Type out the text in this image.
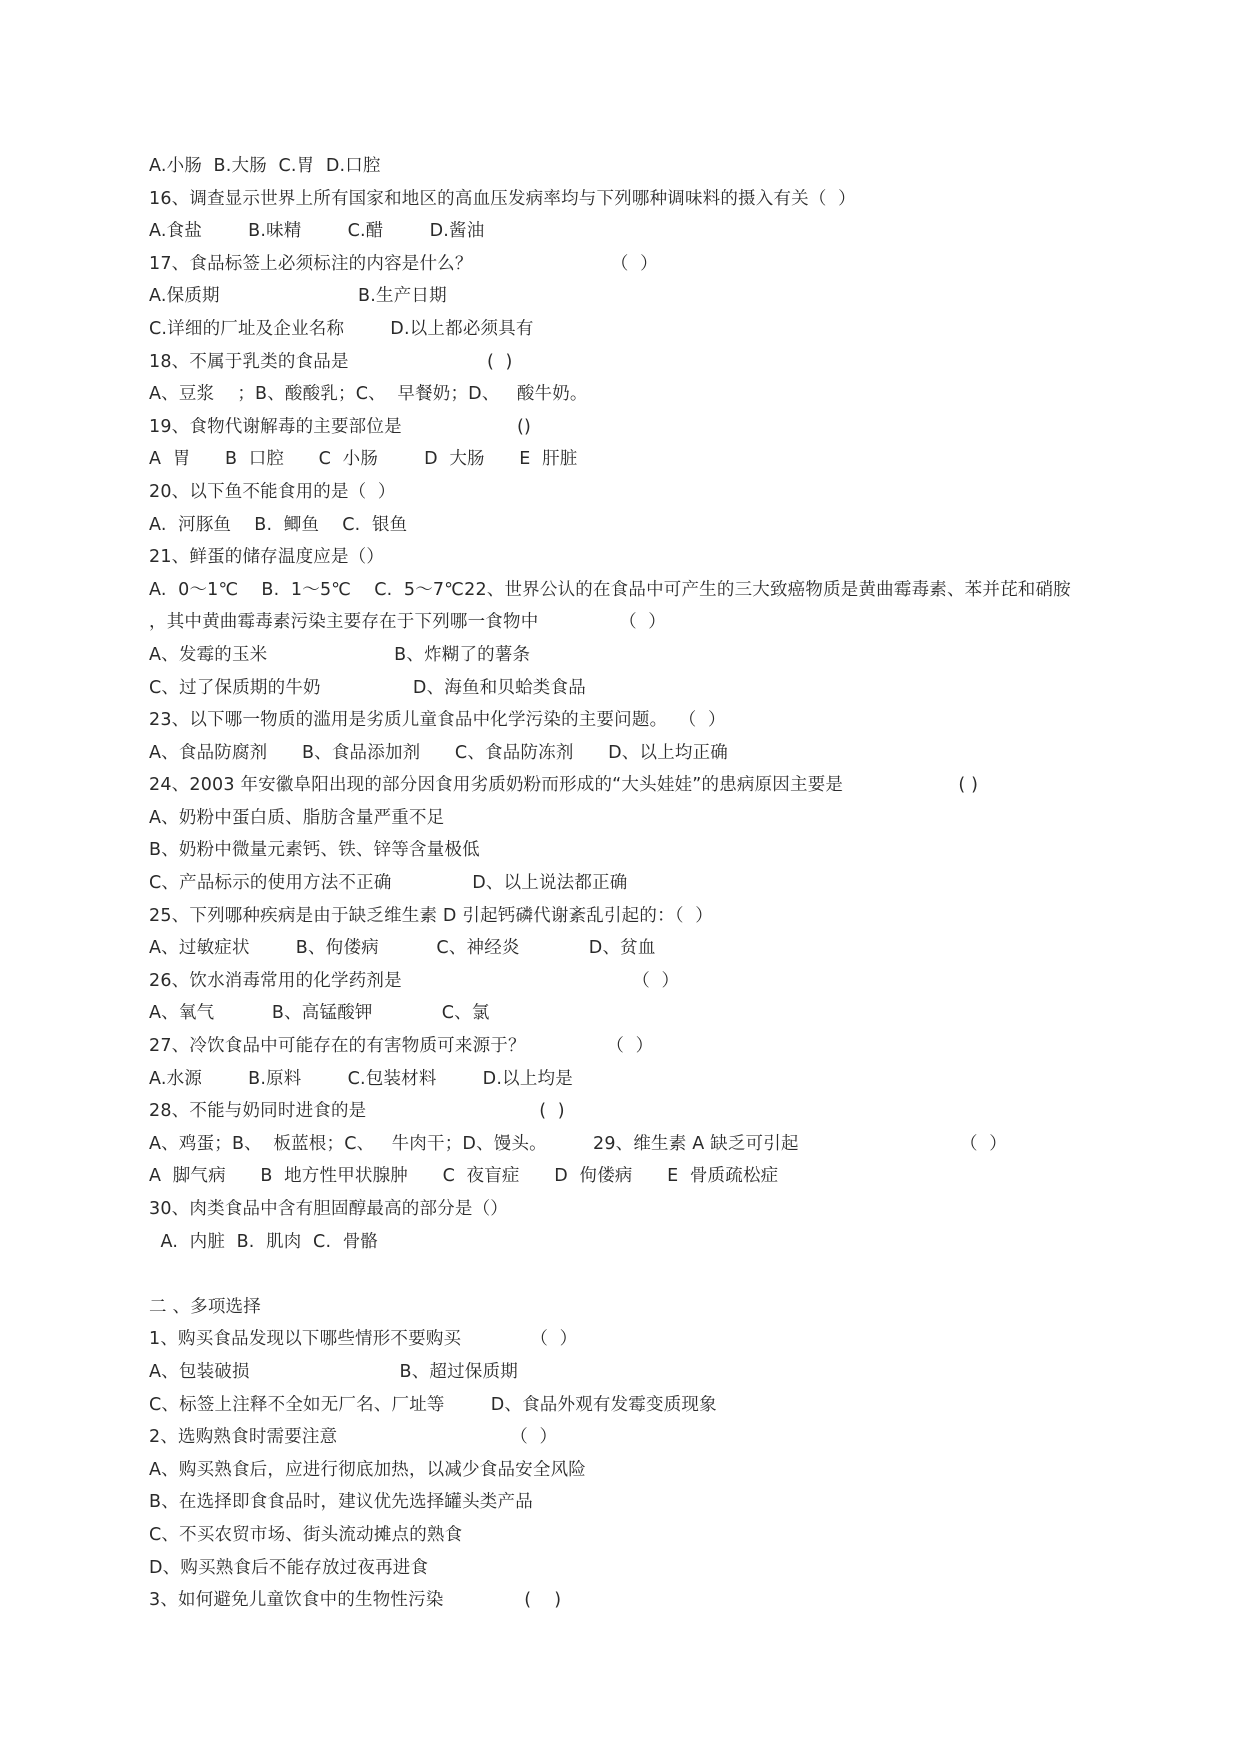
A.小肠  B.大肠  C.胃  D.口腔
16、调查显示世界上所有国家和地区的高血压发病率均与下列哪种调味料的摄入有关（  ）
A.食盐        B.味精        C.醋        D.酱油
17、食品标签上必须标注的内容是什么？                        （  ）
A.保质期                        B.生产日期
C.详细的厂址及企业名称        D.以上都必须具有
18、不属于乳类的食品是                        (  )
A、豆浆    ；B、酸酸乳；C、  早餐奶；D、   酸牛奶。
19、食物代谢解毒的主要部位是                    ()
A  胃      B  口腔      C  小肠        D  大肠      E  肝脏
20、以下鱼不能食用的是（  ）
A.  河豚鱼    B.  鲫鱼    C.  银鱼
21、鲜蛋的储存温度应是（）
A.  0～1℃    B.  1～5℃    C.  5～7℃22、世界公认的在食品中可产生的三大致癌物质是黄曲霉毒素、苯并芘和硝胺
，其中黄曲霉毒素污染主要存在于下列哪一食物中              （  ）
A、发霉的玉米                      B、炸糊了的薯条
C、过了保质期的牛奶                D、海鱼和贝蛤类食品
23、以下哪一物质的滥用是劣质儿童食品中化学污染的主要问题。  （  ）
A、食品防腐剂      B、食品添加剂      C、食品防冻剂      D、以上均正确
24、2003 年安徽阜阳出现的部分因食用劣质奶粉而形成的“大头娃娃”的患病原因主要是                    ( )
A、奶粉中蛋白质、脂肪含量严重不足
B、奶粉中微量元素钙、铁、锌等含量极低
C、产品标示的使用方法不正确              D、以上说法都正确
25、下列哪种疾病是由于缺乏维生素 D 引起钙磷代谢紊乱引起的：（  ）
A、过敏症状        B、佝偻病          C、神经炎            D、贫血
26、饮水消毒常用的化学药剂是                                        （  ）
A、氧气          B、高锰酸钾            C、氯
27、冷饮食品中可能存在的有害物质可来源于？              （  ）
A.水源        B.原料        C.包装材料        D.以上均是
28、不能与奶同时进食的是                              (  )
A、鸡蛋；B、  板蓝根；C、   牛肉干；D、馒头。        29、维生素 A 缺乏可引起                            （  ）
A  脚气病      B  地方性甲状腺肿      C  夜盲症      D  佝偻病      E  骨质疏松症
30、肉类食品中含有胆固醇最高的部分是（）
A.  内脏  B.  肌肉  C.  骨骼
二 、多项选择
1、购买食品发现以下哪些情形不要购买            （  ）
A、包装破损                          B、超过保质期
C、标签上注释不全如无厂名、厂址等        D、食品外观有发霉变质现象
2、选购熟食时需要注意                              （  ）
A、购买熟食后，应进行彻底加热，以减少食品安全风险
B、在选择即食食品时，建议优先选择罐头类产品
C、不买农贸市场、街头流动摊点的熟食
D、购买熟食后不能存放过夜再进食
3、如何避免儿童饮食中的生物性污染              (    )
